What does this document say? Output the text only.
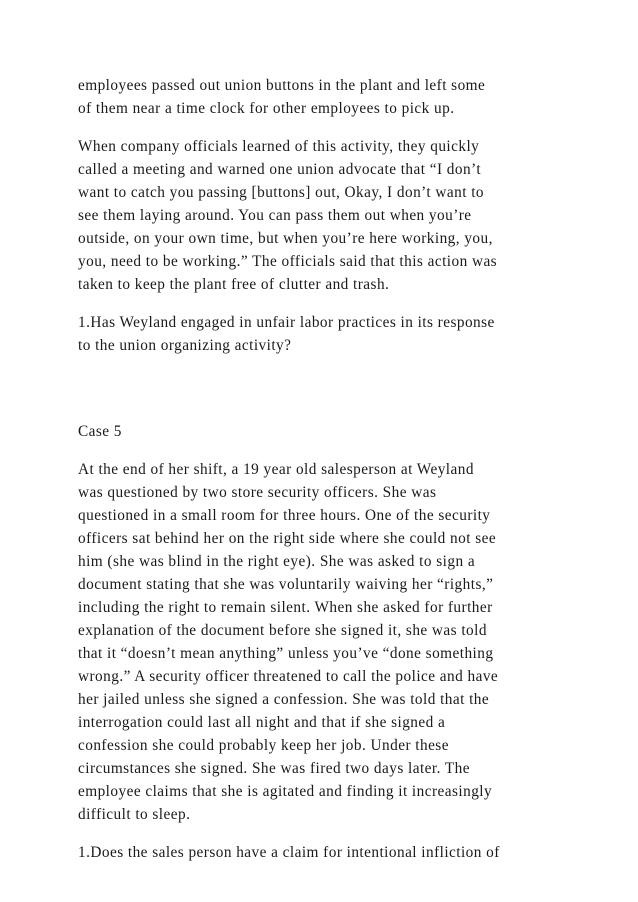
employees passed out union buttons in the plant and left some
of them near a time clock for other employees to pick up.
When company officials learned of this activity, they quickly
called a meeting and warned one union advocate that “I don’t
want to catch you passing [buttons] out, Okay, I don’t want to
see them laying around. You can pass them out when you’re
outside, on your own time, but when you’re here working, you,
you, need to be working.” The officials said that this action was
taken to keep the plant free of clutter and trash.
1.Has Weyland engaged in unfair labor practices in its response
to the union organizing activity?
Case 5
At the end of her shift, a 19 year old salesperson at Weyland
was questioned by two store security officers. She was
questioned in a small room for three hours. One of the security
officers sat behind her on the right side where she could not see
him (she was blind in the right eye). She was asked to sign a
document stating that she was voluntarily waiving her “rights,”
including the right to remain silent. When she asked for further
explanation of the document before she signed it, she was told
that it “doesn’t mean anything” unless you’ve “done something
wrong.” A security officer threatened to call the police and have
her jailed unless she signed a confession. She was told that the
interrogation could last all night and that if she signed a
confession she could probably keep her job. Under these
circumstances she signed. She was fired two days later. The
employee claims that she is agitated and finding it increasingly
difficult to sleep.
1.Does the sales person have a claim for intentional infliction of
